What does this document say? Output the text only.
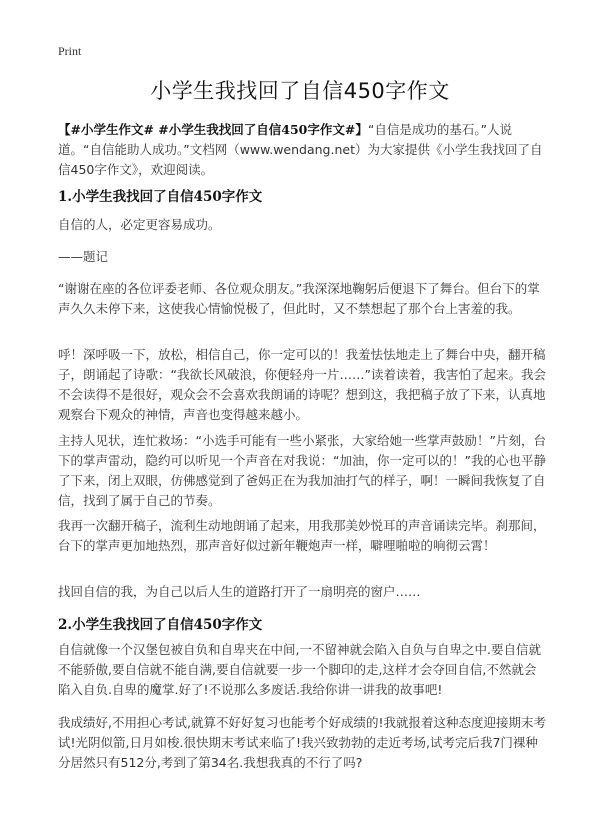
Print
小学生我找回了自信450字作文

【#小学生作文# #小学生我找回了自信450字作文#】“自信是成功的基石。”人说道。“自信能助人成功。”文档网（www.wendang.net）为大家提供《小学生我找回了自信450字作文》，欢迎阅读。

1.小学生我找回了自信450字作文

自信的人，必定更容易成功。

——题记

“谢谢在座的各位评委老师、各位观众朋友。”我深深地鞠躬后便退下了舞台。但台下的掌声久久未停下来，这使我心情愉悦极了，但此时，又不禁想起了那个台上害羞的我。

呼！深呼吸一下，放松，相信自己，你一定可以的！我羞怯怯地走上了舞台中央，翻开稿子，朗诵起了诗歌：“我欲长风破浪，你便轻舟一片……”读着读着，我害怕了起来。我会不会读得不是很好，观众会不会喜欢我朗诵的诗呢？想到这，我把稿子放了下来，认真地观察台下观众的神情，声音也变得越来越小。

主持人见状，连忙救场：“小选手可能有一些小紧张，大家给她一些掌声鼓励！”片刻，台下的掌声雷动，隐约可以听见一个声音在对我说：“加油，你一定可以的！”我的心也平静了下来，闭上双眼，仿佛感觉到了爸妈正在为我加油打气的样子，啊！一瞬间我恢复了自信，找到了属于自己的节奏。

我再一次翻开稿子，流利生动地朗诵了起来，用我那美妙悦耳的声音诵读完毕。刹那间，台下的掌声更加地热烈，那声音好似过新年鞭炮声一样，噼哩啪啦的响彻云霄！

找回自信的我，为自己以后人生的道路打开了一扇明亮的窗户……

2.小学生我找回了自信450字作文

自信就像一个汉堡包被自负和自卑夹在中间,一不留神就会陷入自负与自卑之中.要自信就不能骄傲,要自信就不能自满,要自信就要一步一个脚印的走,这样才会夺回自信,不然就会陷入自负.自卑的魔掌.好了!不说那么多废话.我给你讲一讲我的故事吧!

我成绩好,不用担心考试,就算不好好复习也能考个好成绩的!我就报着这种态度迎接期末考试!光阴似箭,日月如梭.很快期末考试来临了!我兴致勃勃的走近考场,试考完后我7门裸种分居然只有512分,考到了第34名.我想我真的不行了吗?
